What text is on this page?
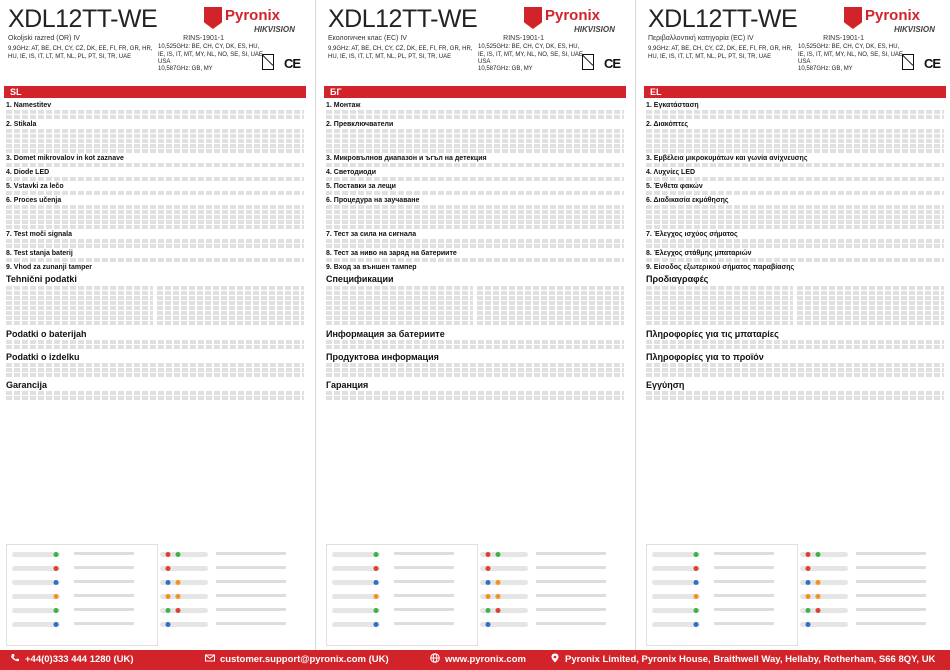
XDL12TT-WE	Pyronix
HIKVISION
Okoljski razred (OR) IV	RINS-1901-1
9,9GHz: AT, BE, CH, CY, CZ, DK, EE, FI, FR, GR, HR, HU, IE, IS, IT, LT, MT, NL, PL, PT, SI, TR, UAE
10,525GHz: BE, CH, CY, DK, ES, HU, IE, IS, IT, MT, MY, NL, NO, SE, SI, UAE, USA
10,587GHz: GB, MY	CE
SL
1. Namestitev
2. Stikala
3. Domet mikrovalov in kot zaznave
4. Diode LED
5. Vstavki za lečo
6. Proces učenja
7. Test moči signala
8. Test stanja baterij
9. Vhod za zunanji tamper
Tehnični podatki
Podatki o baterijah
Podatki o izdelku
Garancija
XDL12TT-WE	Pyronix
HIKVISION
Екологичен клас (ЕС) IV	RINS-1901-1
9,9GHz: AT, BE, CH, CY, CZ, DK, EE, FI, FR, GR, HR, HU, IE, IS, IT, LT, MT, NL, PL, PT, SI, TR, UAE
10,525GHz: BE, CH, CY, DK, ES, HU, IE, IS, IT, MT, MY, NL, NO, SE, SI, UAE, USA
10,587GHz: GB, MY	CE
БГ
1. Монтаж
2. Превключватели
3. Микровълнов диапазон и ъгъл на детекция
4. Светодиоди
5. Поставки за лещи
6. Процедура на заучаване
7. Тест за сила на сигнала
8. Тест за ниво на заряд на батериите
9. Вход за външен тампер
Спецификации
Информация за батериите
Продуктова информация
Гаранция
XDL12TT-WE	Pyronix
HIKVISION
Περιβαλλοντική κατηγορία (ΕC) IV	RINS-1901-1
9,9GHz: AT, BE, CH, CY, CZ, DK, EE, FI, FR, GR, HR, HU, IE, IS, IT, LT, MT, NL, PL, PT, SI, TR, UAE
10,525GHz: BE, CH, CY, DK, ES, HU, IE, IS, IT, MT, MY, NL, NO, SE, SI, UAE, USA
10,587GHz: GB, MY	CE
EL
1. Εγκατάσταση
2. Διακόπτες
3. Εμβέλεια μικροκυμάτων και γωνία ανίχνευσης
4. Λυχνίες LED
5. Ένθετα φακών
6. Διαδικασία εκμάθησης
7. Έλεγχος ισχύος σήματος
8. Έλεγχος στάθμης μπαταριών
9. Είσοδος εξωτερικού σήματος παραβίασης
Προδιαγραφές
Πληροφορίες για τις μπαταρίες
Πληροφορίες για το προϊόν
Εγγύηση
+44(0)333 444 1280 (UK)	customer.support@pyronix.com (UK)	www.pyronix.com	Pyronix Limited, Pyronix House, Braithwell Way, Hellaby, Rotherham, S66 8QY, UK
